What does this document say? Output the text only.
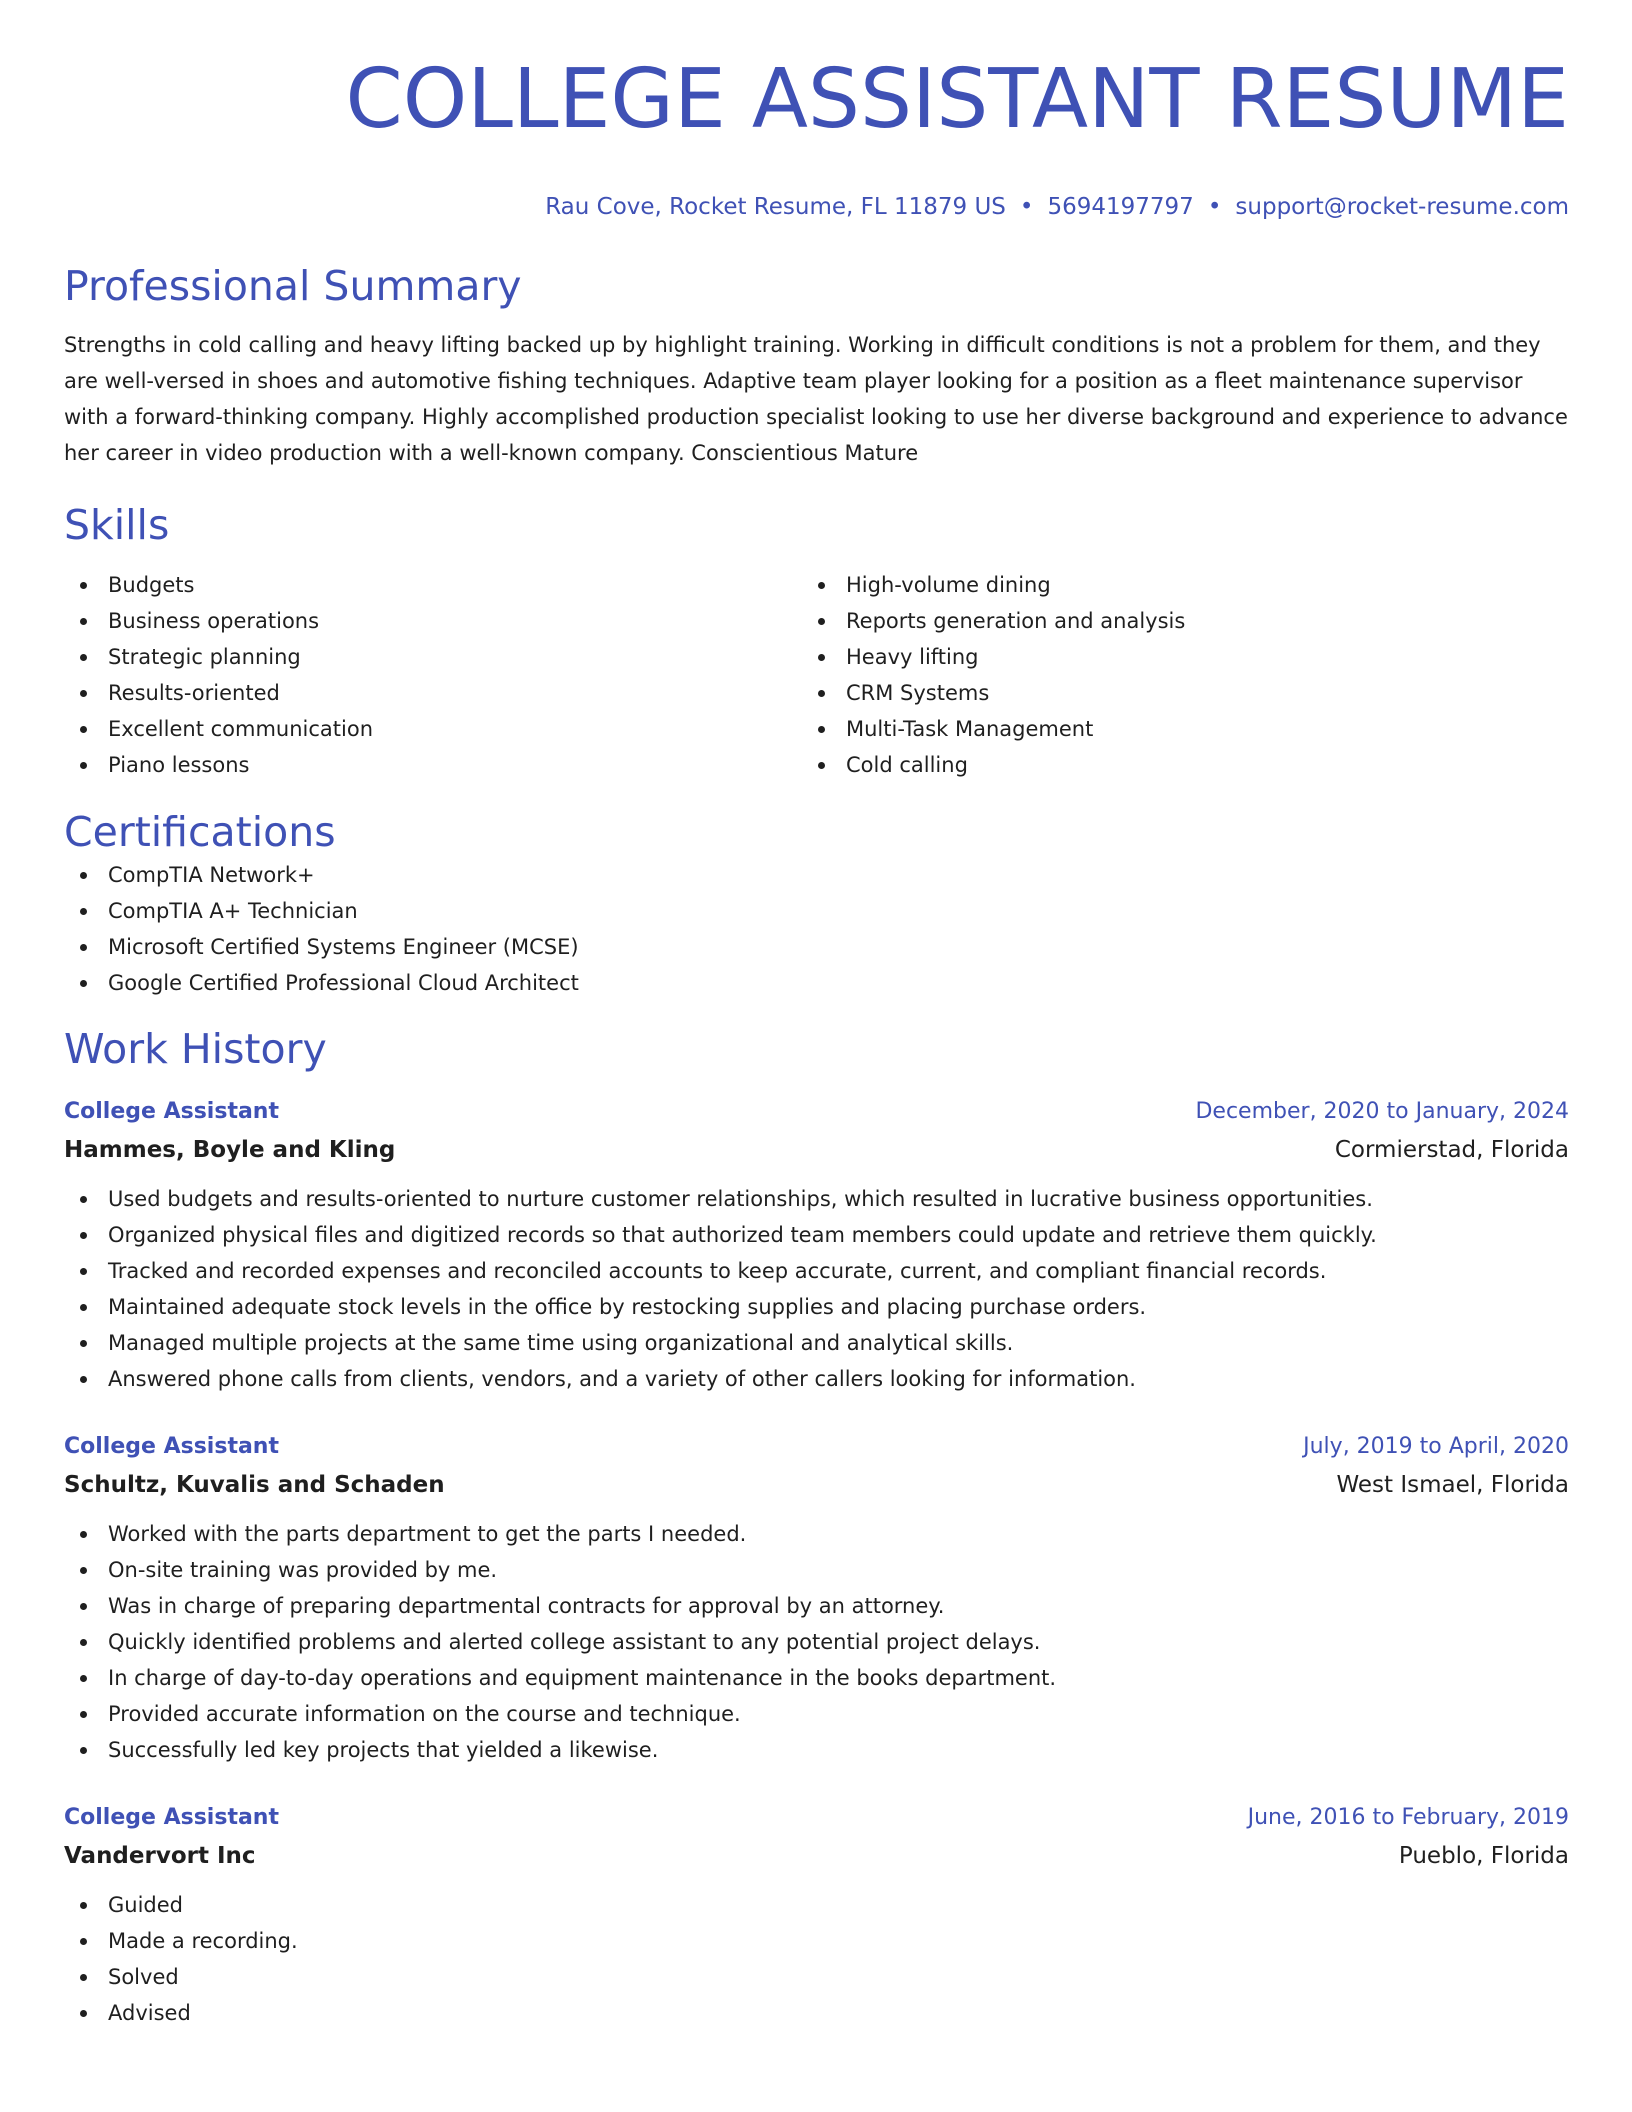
COLLEGE ASSISTANT RESUME
Rau Cove, Rocket Resume, FL 11879 US • 5694197797 • support@rocket-resume.com
Professional Summary
Strengths in cold calling and heavy lifting backed up by highlight training. Working in difficult conditions is not a problem for them, and they are well-versed in shoes and automotive fishing techniques. Adaptive team player looking for a position as a fleet maintenance supervisor with a forward-thinking company. Highly accomplished production specialist looking to use her diverse background and experience to advance her career in video production with a well-known company. Conscientious Mature
Skills
Budgets
Business operations
Strategic planning
Results-oriented
Excellent communication
Piano lessons
High-volume dining
Reports generation and analysis
Heavy lifting
CRM Systems
Multi-Task Management
Cold calling
Certifications
CompTIA Network+
CompTIA A+ Technician
Microsoft Certified Systems Engineer (MCSE)
Google Certified Professional Cloud Architect
Work History
College Assistant	December, 2020 to January, 2024
Hammes, Boyle and Kling	Cormierstad, Florida
Used budgets and results-oriented to nurture customer relationships, which resulted in lucrative business opportunities.
Organized physical files and digitized records so that authorized team members could update and retrieve them quickly.
Tracked and recorded expenses and reconciled accounts to keep accurate, current, and compliant financial records.
Maintained adequate stock levels in the office by restocking supplies and placing purchase orders.
Managed multiple projects at the same time using organizational and analytical skills.
Answered phone calls from clients, vendors, and a variety of other callers looking for information.
College Assistant	July, 2019 to April, 2020
Schultz, Kuvalis and Schaden	West Ismael, Florida
Worked with the parts department to get the parts I needed.
On-site training was provided by me.
Was in charge of preparing departmental contracts for approval by an attorney.
Quickly identified problems and alerted college assistant to any potential project delays.
In charge of day-to-day operations and equipment maintenance in the books department.
Provided accurate information on the course and technique.
Successfully led key projects that yielded a likewise.
College Assistant	June, 2016 to February, 2019
Vandervort Inc	Pueblo, Florida
Guided
Made a recording.
Solved
Advised
